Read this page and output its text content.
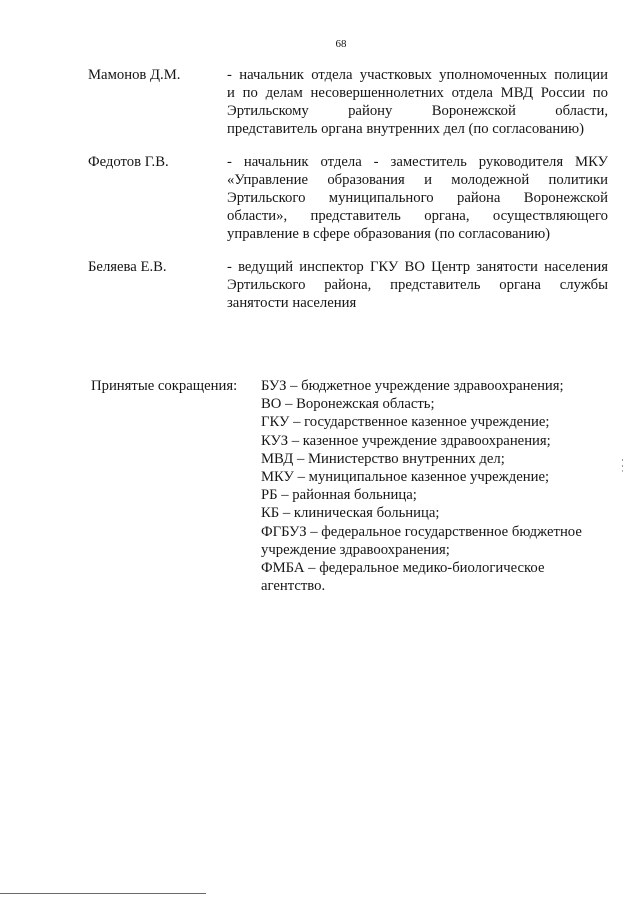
68
Мамонов Д.М.	- начальник отдела участковых уполномоченных полиции
и по делам несовершеннолетних отдела МВД России по
Эртильскому району Воронежской области,
представитель органа внутренних дел (по согласованию)
Федотов Г.В.	- начальник отдела - заместитель руководителя МКУ
«Управление образования и молодежной политики
Эртильского муниципального района Воронежской
области», представитель органа, осуществляющего
управление в сфере образования (по согласованию)
Беляева Е.В.	- ведущий инспектор ГКУ ВО Центр занятости населения
Эртильского района, представитель органа службы
занятости населения
Принятые сокращения: БУЗ – бюджетное учреждение здравоохранения;
ВО – Воронежская область;
ГКУ – государственное казенное учреждение;
КУЗ – казенное учреждение здравоохранения;
МВД – Министерство внутренних дел;
МКУ – муниципальное казенное учреждение;
РБ – районная больница;
КБ – клиническая больница;
ФГБУЗ – федеральное государственное бюджетное учреждение здравоохранения;
ФМБА – федеральное медико-биологическое агентство.
